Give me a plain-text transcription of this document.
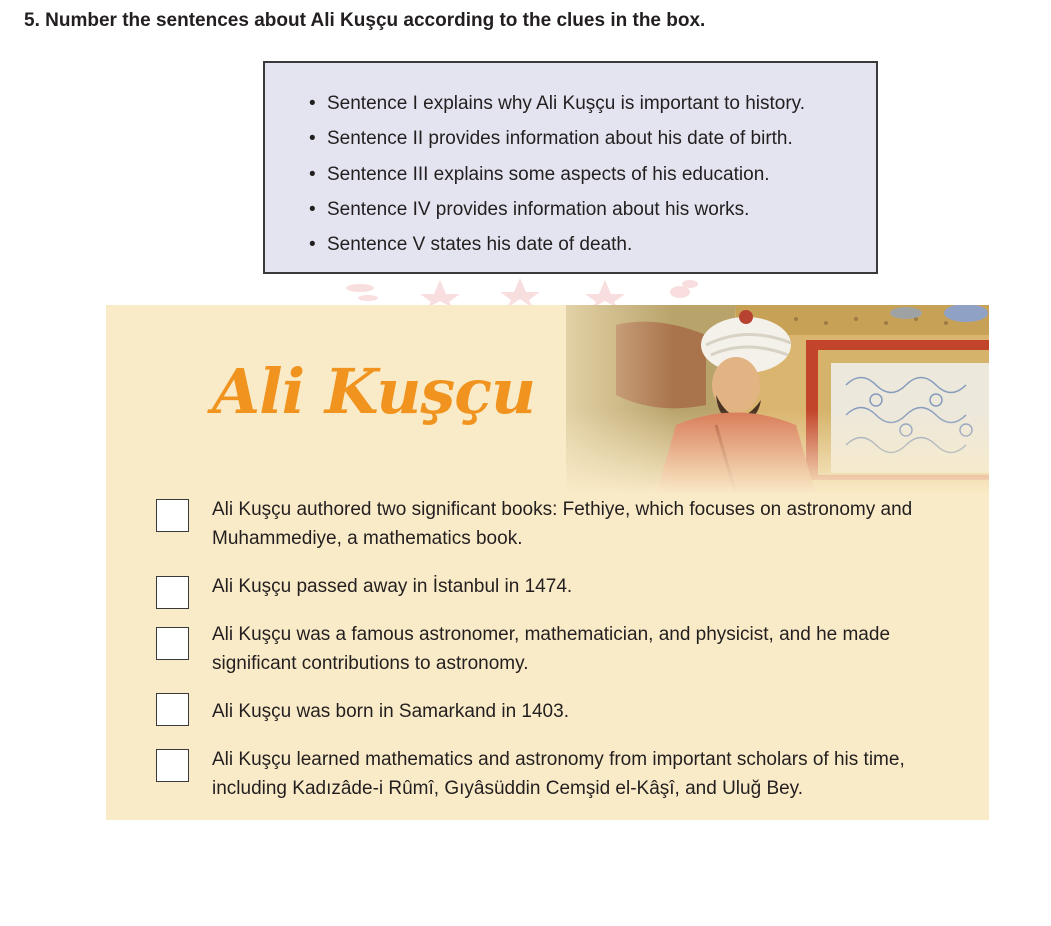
5. Number the sentences about Ali Kuşçu according to the clues in the box.
• Sentence I explains why Ali Kuşçu is important to history.
• Sentence II provides information about his date of birth.
• Sentence III explains some aspects of his education.
• Sentence IV provides information about his works.
• Sentence V states his date of death.
Ali Kuşçu
Ali Kuşçu authored two significant books: Fethiye, which focuses on astronomy and Muhammediye, a mathematics book.
Ali Kuşçu passed away in İstanbul in 1474.
Ali Kuşçu was a famous astronomer, mathematician, and physicist, and he made significant contributions to astronomy.
Ali Kuşçu was born in Samarkand in 1403.
Ali Kuşçu learned mathematics and astronomy from important scholars of his time, including Kadızâde-i Rûmî, Gıyâsüddin Cemşid el-Kâşî, and Uluğ Bey.
